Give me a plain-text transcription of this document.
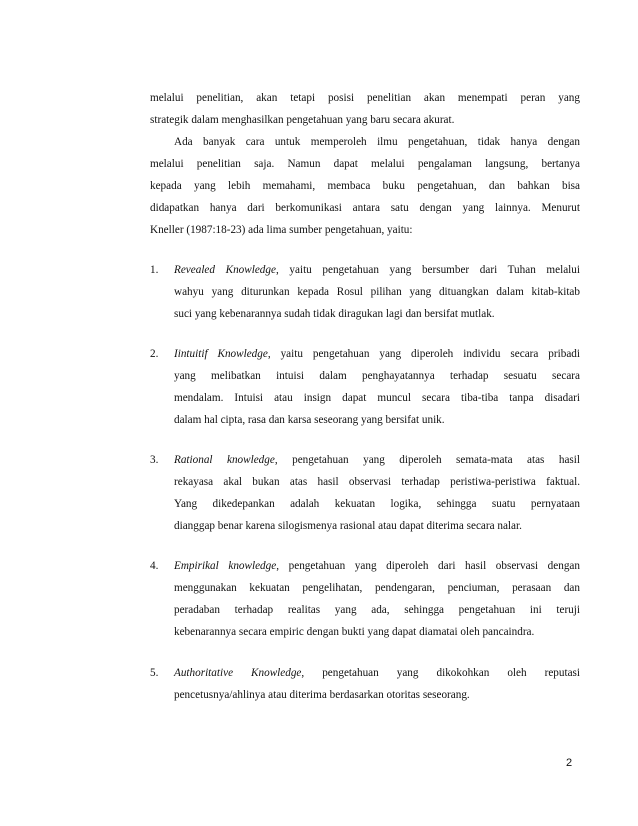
melalui penelitian, akan tetapi posisi penelitian akan menempati peran yang
strategik dalam menghasilkan pengetahuan yang baru secara akurat.
Ada banyak cara untuk memperoleh ilmu pengetahuan, tidak hanya dengan
melalui penelitian saja. Namun dapat melalui pengalaman langsung, bertanya
kepada yang lebih memahami, membaca buku pengetahuan, dan bahkan bisa
didapatkan hanya dari berkomunikasi antara satu dengan yang lainnya. Menurut
Kneller (1987:18-23) ada lima sumber pengetahuan, yaitu:
1. Revealed Knowledge, yaitu pengetahuan yang bersumber dari Tuhan melalui
wahyu yang diturunkan kepada Rosul pilihan yang dituangkan dalam kitab-kitab
suci yang kebenarannya sudah tidak diragukan lagi dan bersifat mutlak.
2. Iintuitif Knowledge, yaitu pengetahuan yang diperoleh individu secara pribadi
yang melibatkan intuisi dalam penghayatannya terhadap sesuatu secara
mendalam. Intuisi atau insign dapat muncul secara tiba-tiba tanpa disadari
dalam hal cipta, rasa dan karsa seseorang yang bersifat unik.
3. Rational knowledge, pengetahuan yang diperoleh semata-mata atas hasil
rekayasa akal bukan atas hasil observasi terhadap peristiwa-peristiwa faktual.
Yang dikedepankan adalah kekuatan logika, sehingga suatu pernyataan
dianggap benar karena silogismenya rasional atau dapat diterima secara nalar.
4. Empirikal knowledge, pengetahuan yang diperoleh dari hasil observasi dengan
menggunakan kekuatan pengelihatan, pendengaran, penciuman, perasaan dan
peradaban terhadap realitas yang ada, sehingga pengetahuan ini teruji
kebenarannya secara empiric dengan bukti yang dapat diamatai oleh pancaindra.
5. Authoritative Knowledge, pengetahuan yang dikokohkan oleh reputasi
pencetusnya/ahlinya atau diterima berdasarkan otoritas seseorang.
2
